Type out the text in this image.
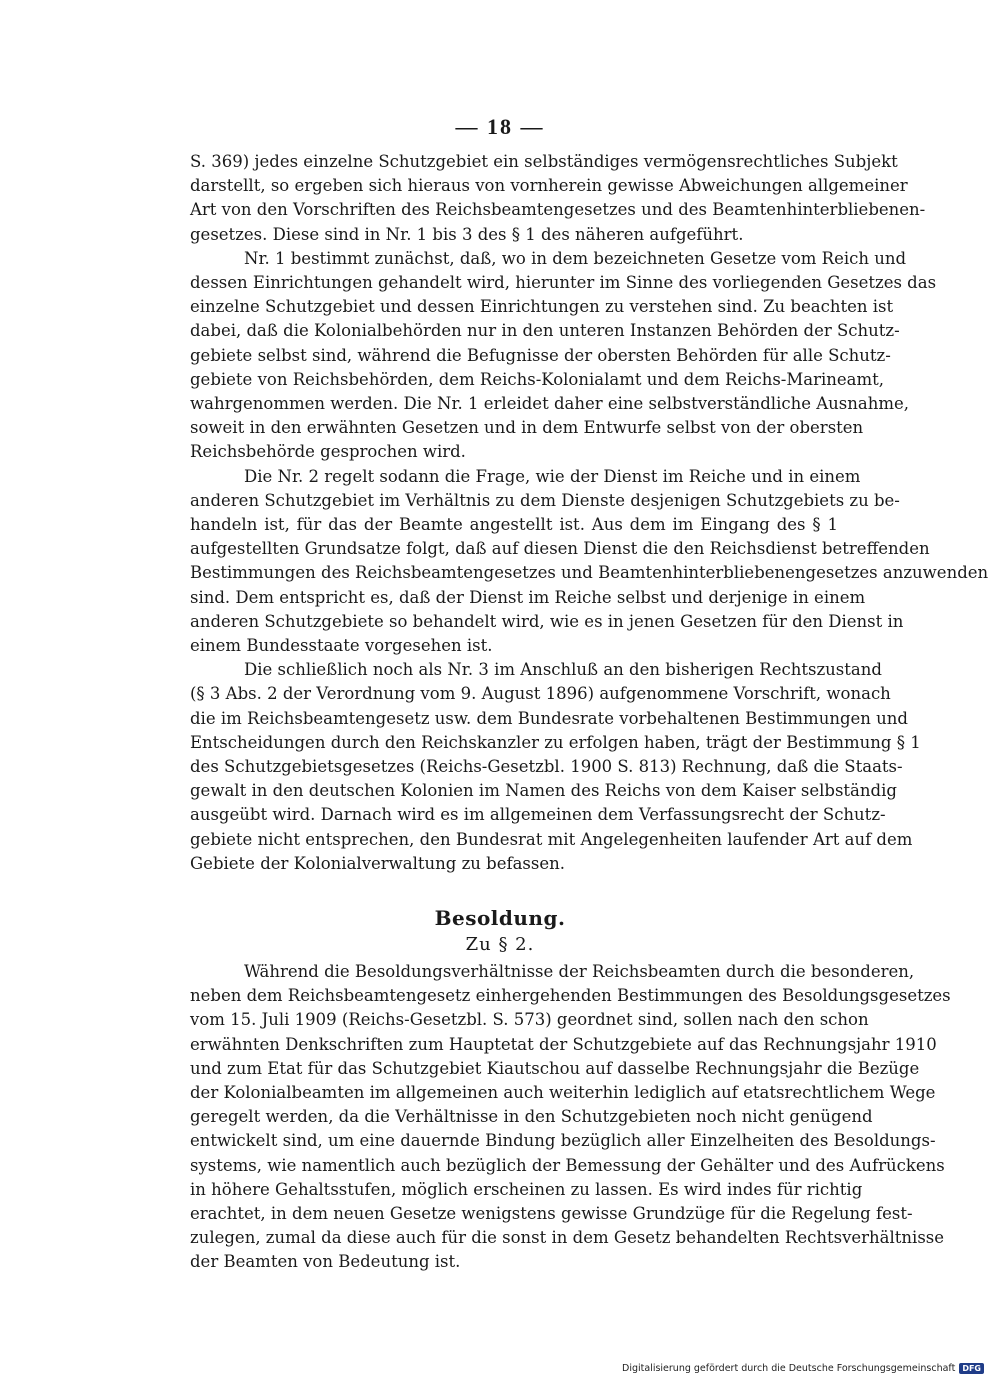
— 18 —

S. 369) jedes einzelne Schutzgebiet ein selbständiges vermögensrechtliches Subjekt
darstellt, so ergeben sich hieraus von vornherein gewisse Abweichungen allgemeiner
Art von den Vorschriften des Reichsbeamtengesetzes und des Beamtenhinterbliebenen-
gesetzes. Diese sind in Nr. 1 bis 3 des § 1 des näheren aufgeführt.

Nr. 1 bestimmt zunächst, daß, wo in dem bezeichneten Gesetze vom Reich und
dessen Einrichtungen gehandelt wird, hierunter im Sinne des vorliegenden Gesetzes das
einzelne Schutzgebiet und dessen Einrichtungen zu verstehen sind. Zu beachten ist
dabei, daß die Kolonialbehörden nur in den unteren Instanzen Behörden der Schutz-
gebiete selbst sind, während die Befugnisse der obersten Behörden für alle Schutz-
gebiete von Reichsbehörden, dem Reichs-Kolonialamt und dem Reichs-Marineamt,
wahrgenommen werden. Die Nr. 1 erleidet daher eine selbstverständliche Ausnahme,
soweit in den erwähnten Gesetzen und in dem Entwurfe selbst von der obersten
Reichsbehörde gesprochen wird.

Die Nr. 2 regelt sodann die Frage, wie der Dienst im Reiche und in einem
anderen Schutzgebiet im Verhältnis zu dem Dienste desjenigen Schutzgebiets zu be-
handeln ist, für das der Beamte angestellt ist. Aus dem im Eingang des § 1
aufgestellten Grundsatze folgt, daß auf diesen Dienst die den Reichsdienst betreffenden
Bestimmungen des Reichsbeamtengesetzes und Beamtenhinterbliebenengesetzes anzuwenden
sind. Dem entspricht es, daß der Dienst im Reiche selbst und derjenige in einem
anderen Schutzgebiete so behandelt wird, wie es in jenen Gesetzen für den Dienst in
einem Bundesstaate vorgesehen ist.

Die schließlich noch als Nr. 3 im Anschluß an den bisherigen Rechtszustand
(§ 3 Abs. 2 der Verordnung vom 9. August 1896) aufgenommene Vorschrift, wonach
die im Reichsbeamtengesetz usw. dem Bundesrate vorbehaltenen Bestimmungen und
Entscheidungen durch den Reichskanzler zu erfolgen haben, trägt der Bestimmung § 1
des Schutzgebietsgesetzes (Reichs-Gesetzbl. 1900 S. 813) Rechnung, daß die Staats-
gewalt in den deutschen Kolonien im Namen des Reichs von dem Kaiser selbständig
ausgeübt wird. Darnach wird es im allgemeinen dem Verfassungsrecht der Schutz-
gebiete nicht entsprechen, den Bundesrat mit Angelegenheiten laufender Art auf dem
Gebiete der Kolonialverwaltung zu befassen.

Besoldung.
Zu § 2.

Während die Besoldungsverhältnisse der Reichsbeamten durch die besonderen,
neben dem Reichsbeamtengesetz einhergehenden Bestimmungen des Besoldungsgesetzes
vom 15. Juli 1909 (Reichs-Gesetzbl. S. 573) geordnet sind, sollen nach den schon
erwähnten Denkschriften zum Hauptetat der Schutzgebiete auf das Rechnungsjahr 1910
und zum Etat für das Schutzgebiet Kiautschou auf dasselbe Rechnungsjahr die Bezüge
der Kolonialbeamten im allgemeinen auch weiterhin lediglich auf etatsrechtlichem Wege
geregelt werden, da die Verhältnisse in den Schutzgebieten noch nicht genügend
entwickelt sind, um eine dauernde Bindung bezüglich aller Einzelheiten des Besoldungs-
systems, wie namentlich auch bezüglich der Bemessung der Gehälter und des Aufrückens
in höhere Gehaltsstufen, möglich erscheinen zu lassen. Es wird indes für richtig
erachtet, in dem neuen Gesetze wenigstens gewisse Grundzüge für die Regelung fest-
zulegen, zumal da diese auch für die sonst in dem Gesetz behandelten Rechtsverhältnisse
der Beamten von Bedeutung ist.

Digitalisierung gefördert durch die Deutsche Forschungsgemeinschaft DFG
